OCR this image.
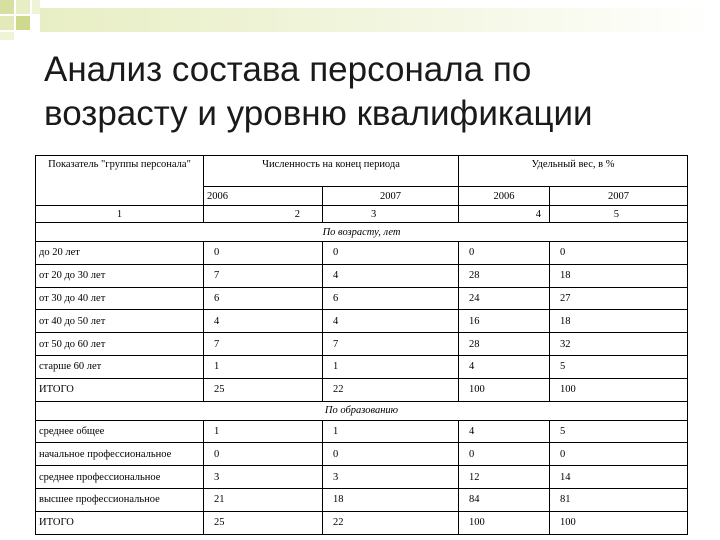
Анализ состава персонала по
возрасту и уровню квалификации
Показатель "группы персонала"	Численность на конец периода		Удельный вес, в %	
	2006	2007	2006	2007
1	2	3	4	5
По возрасту, лет				
до 20 лет	0	0	0	0
от 20 до 30 лет	7	4	28	18
от 30 до 40 лет	6	6	24	27
от 40 до 50 лет	4	4	16	18
от 50 до 60 лет	7	7	28	32
старше 60 лет	1	1	4	5
ИТОГО	25	22	100	100
По образованию				
среднее общее	1	1	4	5
начальное профессиональное	0	0	0	0
среднее профессиональное	3	3	12	14
высшее профессиональное	21	18	84	81
ИТОГО	25	22	100	100
